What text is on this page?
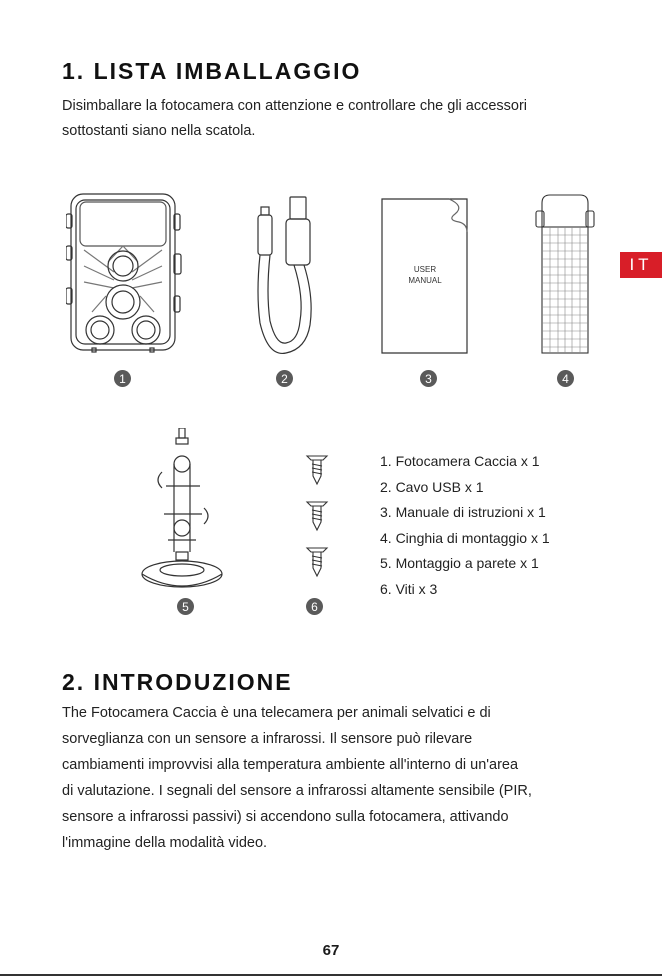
1. LISTA IMBALLAGGIO
Disimballare la fotocamera con attenzione e controllare che gli accessori
sottostanti siano nella scatola.
IT
1	2
USER
MANUAL
3	4
5	6
1. Fotocamera Caccia x 1
2. Cavo USB x 1
3. Manuale di istruzioni x 1
4. Cinghia di montaggio x 1
5. Montaggio a parete x 1
6. Viti x 3
2. INTRODUZIONE
The Fotocamera Caccia è una telecamera per animali selvatici e di
sorveglianza con un sensore a infrarossi. Il sensore può rilevare
cambiamenti improvvisi alla temperatura ambiente all'interno di un'area
di valutazione. I segnali del sensore a infrarossi altamente sensibile (PIR,
sensore a infrarossi passivi) si accendono sulla fotocamera, attivando
l'immagine della modalità video.
67
